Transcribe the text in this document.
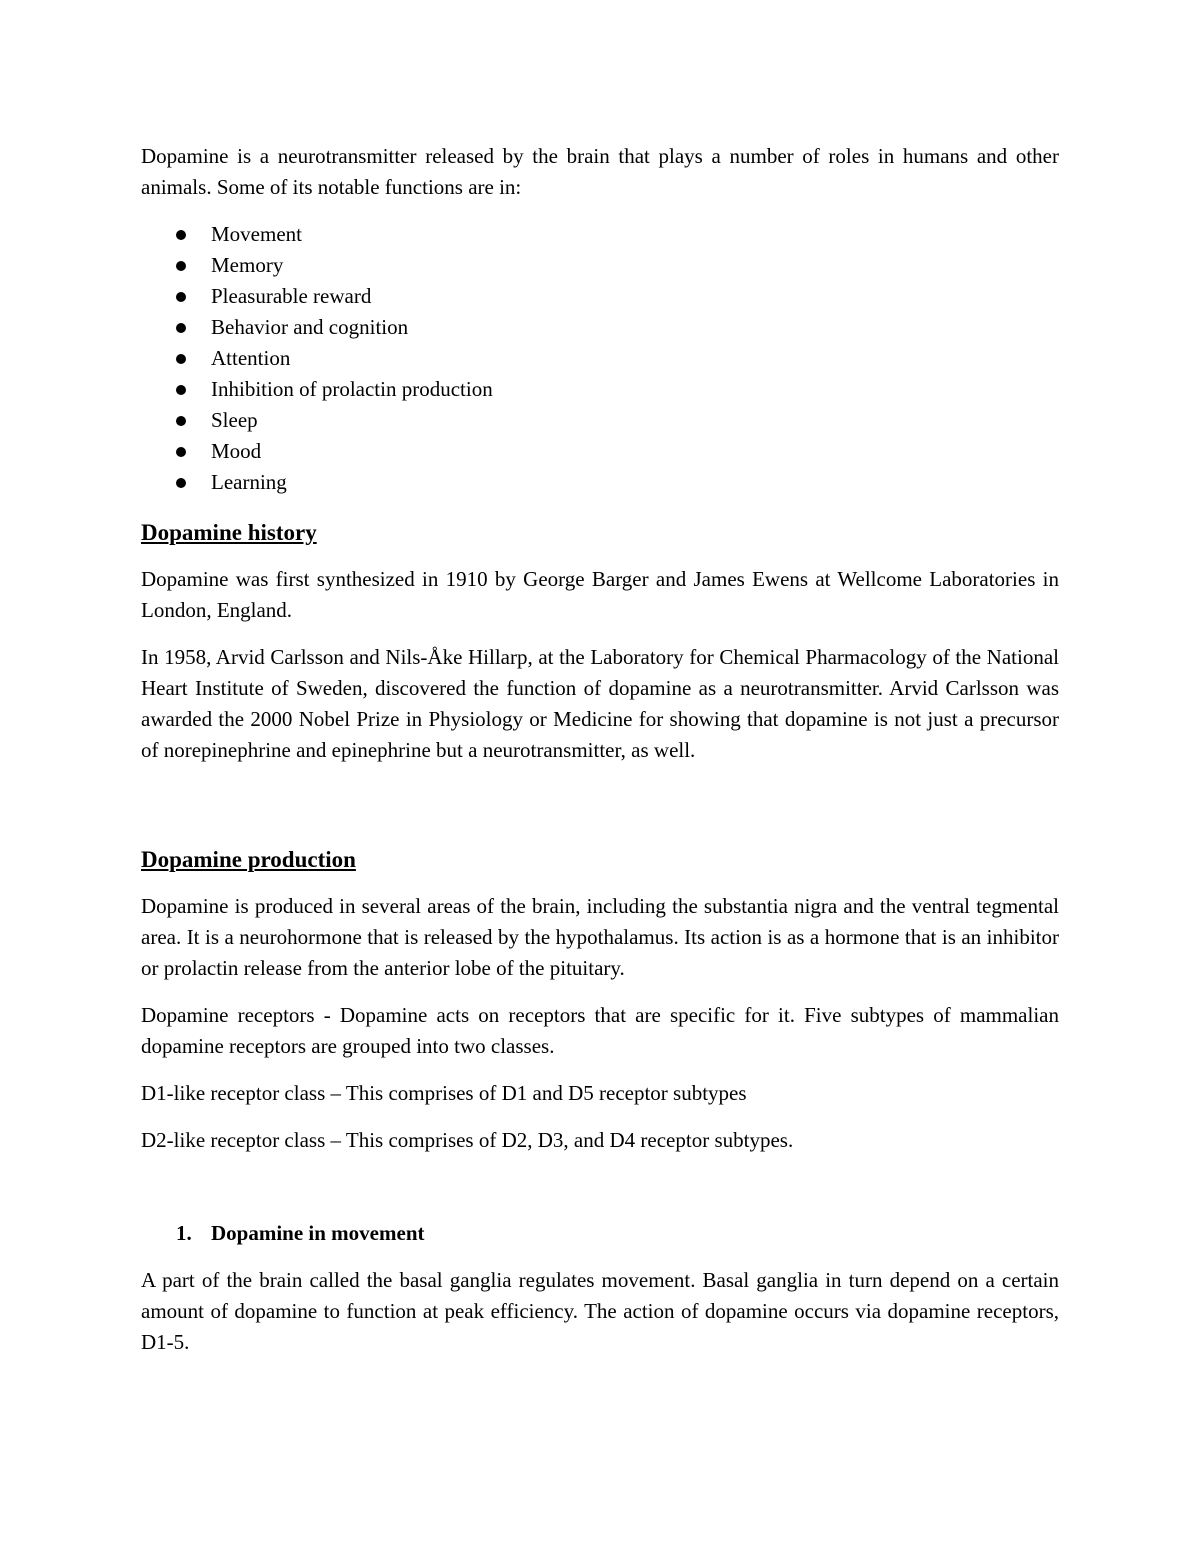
Dopamine is a neurotransmitter released by the brain that plays a number of roles in humans and other animals. Some of its notable functions are in:

Movement
Memory
Pleasurable reward
Behavior and cognition
Attention
Inhibition of prolactin production
Sleep
Mood
Learning
Dopamine history

Dopamine was first synthesized in 1910 by George Barger and James Ewens at Wellcome Laboratories in London, England.

In 1958, Arvid Carlsson and Nils-Åke Hillarp, at the Laboratory for Chemical Pharmacology of the National Heart Institute of Sweden, discovered the function of dopamine as a neurotransmitter. Arvid Carlsson was awarded the 2000 Nobel Prize in Physiology or Medicine for showing that dopamine is not just a precursor of norepinephrine and epinephrine but a neurotransmitter, as well.

Dopamine production

Dopamine is produced in several areas of the brain, including the substantia nigra and the ventral tegmental area. It is a neurohormone that is released by the hypothalamus. Its action is as a hormone that is an inhibitor or prolactin release from the anterior lobe of the pituitary.

Dopamine receptors - Dopamine acts on receptors that are specific for it. Five subtypes of mammalian dopamine receptors are grouped into two classes.

D1-like receptor class – This comprises of D1 and D5 receptor subtypes

D2-like receptor class – This comprises of D2, D3, and D4 receptor subtypes.

1. Dopamine in movement

A part of the brain called the basal ganglia regulates movement. Basal ganglia in turn depend on a certain amount of dopamine to function at peak efficiency. The action of dopamine occurs via dopamine receptors, D1-5.
